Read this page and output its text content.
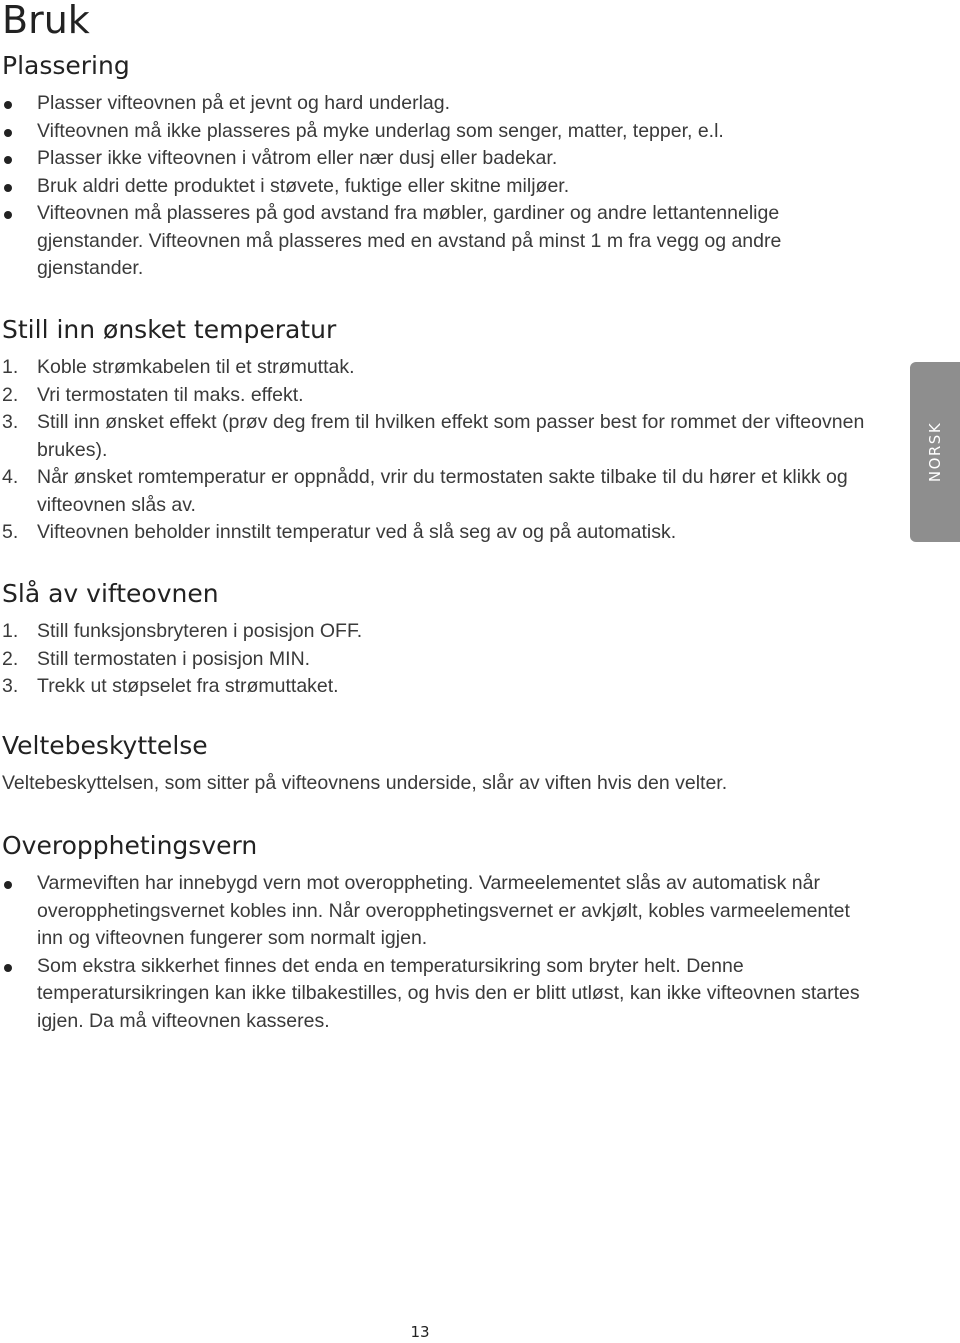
Bruk
Plassering
Plasser vifteovnen på et jevnt og hard underlag.
Vifteovnen må ikke plasseres på myke underlag som senger, matter, tepper, e.l.
Plasser ikke vifteovnen i våtrom eller nær dusj eller badekar.
Bruk aldri dette produktet i støvete, fuktige eller skitne miljøer.
Vifteovnen må plasseres på god avstand fra møbler, gardiner og andre lettantennelige gjenstander. Vifteovnen må plasseres med en avstand på minst 1 m fra vegg og andre gjenstander.
Still inn ønsket temperatur
1. Koble strømkabelen til et strømuttak.
2. Vri termostaten til maks. effekt.
3. Still inn ønsket effekt (prøv deg frem til hvilken effekt som passer best for rommet der vifteovnen brukes).
4. Når ønsket romtemperatur er oppnådd, vrir du termostaten sakte tilbake til du hører et klikk og vifteovnen slås av.
5. Vifteovnen beholder innstilt temperatur ved å slå seg av og på automatisk.
NORSK
Slå av vifteovnen
1. Still funksjonsbryteren i posisjon OFF.
2. Still termostaten i posisjon MIN.
3. Trekk ut støpselet fra strømuttaket.
Veltebeskyttelse

Veltebeskyttelsen, som sitter på vifteovnens underside, slår av viften hvis den velter.

Overopphetingsvern
Varmeviften har innebygd vern mot overoppheting. Varmeelementet slås av automatisk når overopphetingsvernet kobles inn. Når overopphetingsvernet er avkjølt, kobles varmeelementet inn og vifteovnen fungerer som normalt igjen.
Som ekstra sikkerhet finnes det enda en temperatursikring som bryter helt. Denne temperatursikringen kan ikke tilbakestilles, og hvis den er blitt utløst, kan ikke vifteovnen startes igjen. Da må vifteovnen kasseres.
13
